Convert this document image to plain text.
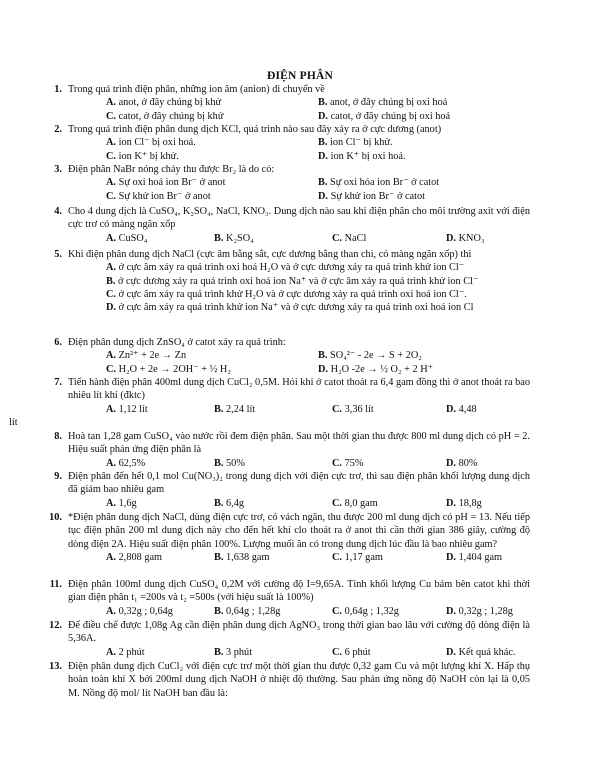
ĐIỆN PHÂN
1. Trong quá trình điện phân, những ion âm (anion) di chuyển về
A. anot, ở đây chúng bị khử	B. anot, ở đây chúng bị oxi hoá
C. catot, ở đây chúng bị khử	D. catot, ở đây chúng bị oxi hoá
2. Trong quá trình điện phân dung dịch KCl, quá trình nào sau đây xảy ra ở cực dương (anot)
A. ion Cl⁻ bị oxi hoá.	B. ion Cl⁻ bị khử.
C. ion K⁺ bị khử.	D. ion K⁺ bị oxi hoá.
3. Điện phân NaBr nóng chảy thu được Br₂ là do có:
A. Sự oxi hoá ion Br⁻ ở anot	B. Sự oxi hóa ion Br⁻ ở catot
C. Sự khử ion Br⁻ ở anot	D. Sự khử ion Br⁻ ở catot
4. Cho 4 dung dịch là CuSO₄, K₂SO₄, NaCl, KNO₃. Dung dịch nào sau khi điện phân cho môi trường axit với điện cực trơ có màng ngăn xốp
A. CuSO₄	B. K₂SO₄	C. NaCl	D. KNO₃
5. Khi điện phân dung dịch NaCl (cực âm bằng sắt, cực dương bằng than chì, có màng ngăn xốp) thì
A. ở cực âm xảy ra quá trình oxi hoá H₂O và ở cực dương xảy ra quá trình khử ion Cl⁻
B. ở cực dương xảy ra quá trình oxi hoá ion Na⁺ và ở cực âm xảy ra quá trình khử ion Cl⁻
C. ở cực âm xảy ra quá trình khử H₂O và ở cực dương xảy ra quá trình oxi hoá ion Cl⁻.
D. ở cực âm xảy ra quá trình khử ion Na⁺ và ở cực dương xảy ra quá trình oxi hoá ion Cl
6. Điện phân dung dịch ZnSO₄ ở catot xảy ra quá trình:
A. Zn²⁺ + 2e → Zn	B. SO₄²⁻ - 2e → S + 2O₂
C. H₂O + 2e → 2OH⁻ + ½ H₂	D. H₂O -2e → ½ O₂ + 2 H⁺
7. Tiến hành điện phân 400ml dung dịch CuCl₂ 0,5M. Hỏi khi ở catot thoát ra 6,4 gam đồng thì ở anot thoát ra bao nhiêu lít khí (đktc)
A. 1,12 lít	B. 2,24 lít	C. 3,36 lít	D. 4,48
lít
8. Hoà tan 1,28 gam CuSO₄ vào nước rồi đem điện phân. Sau một thời gian thu được 800 ml dung dịch có pH = 2. Hiệu suất phản ứng điện phân là
A. 62,5%	B. 50%	C. 75%	D. 80%
9. Điện phân đến hết 0,1 mol Cu(NO₃)₂ trong dung dịch với điện cực trơ, thì sau điện phân khối lượng dung dịch đã giảm bao nhiêu gam
A. 1,6g	B. 6,4g	C. 8,0 gam	D. 18,8g
10. *Điện phân dung dịch NaCl, dùng điện cực trơ, có vách ngăn, thu được 200 ml dung dịch có pH = 13. Nếu tiếp tục điện phân 200 ml dung dịch này cho đến hết khí clo thoát ra ở anot thì cần thời gian 386 giây, cường độ dòng điện 2A. Hiệu suất điện phân 100%. Lượng muối ăn có trong dung dịch lúc đầu là bao nhiêu gam?
A. 2,808 gam	B. 1,638 gam	C. 1,17 gam	D. 1,404 gam
11. Điện phân 100ml dung dịch CuSO₄ 0,2M với cường độ I=9,65A. Tính khối lượng Cu bám bên catot khi thời gian điện phân t₁ =200s và t₂ =500s (với hiệu suất là 100%)
A. 0,32g ; 0,64g	B. 0,64g ; 1,28g	C. 0,64g ; 1,32g	D. 0,32g ; 1,28g
12. Để điều chế được 1,08g Ag cần điện phân dung dịch AgNO₃ trong thời gian bao lâu với cường độ dòng điện là 5,36A.
A. 2 phút	B. 3 phút	C. 6 phút	D. Kết quả khác.
13. Điện phân dung dịch CuCl₂ với điện cực trơ một thời gian thu được 0,32 gam Cu và một lượng khí X. Hấp thụ hoàn toàn khí X bởi 200ml dung dịch NaOH ở nhiệt độ thường. Sau phản ứng nồng độ NaOH còn lại là 0,05 M. Nồng độ mol/ lít NaOH ban đầu là:
